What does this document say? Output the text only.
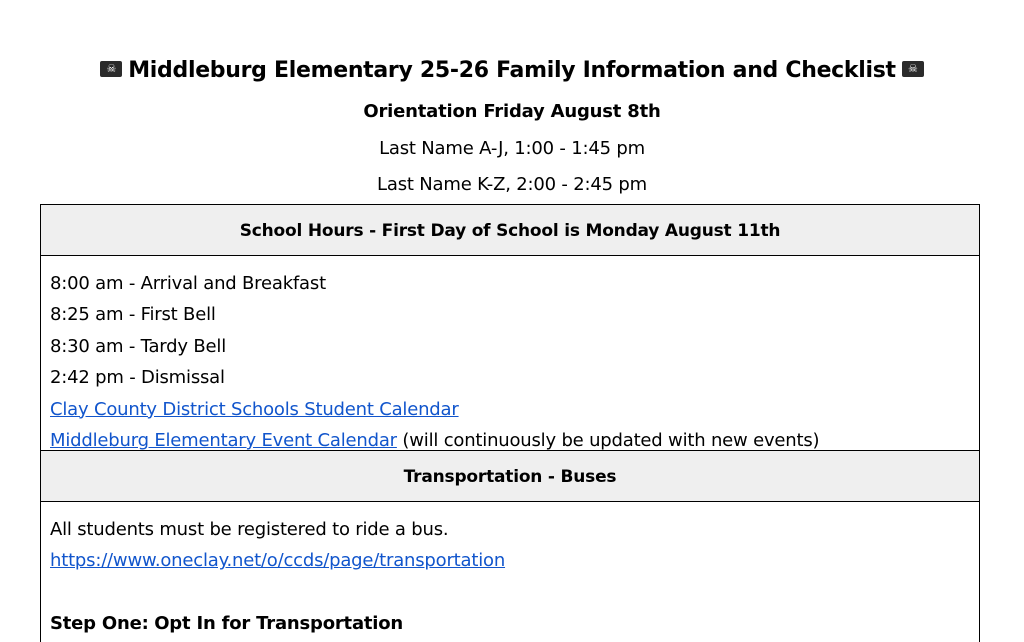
☠ Middleburg Elementary 25-26 Family Information and Checklist ☠
Orientation Friday August 8th
Last Name A-J, 1:00 - 1:45 pm
Last Name K-Z, 2:00 - 2:45 pm
School Hours - First Day of School is Monday August 11th
8:00 am - Arrival and Breakfast
8:25 am - First Bell
8:30 am - Tardy Bell
2:42 pm - Dismissal
Clay County District Schools Student Calendar
Middleburg Elementary Event Calendar (will continuously be updated with new events)
Transportation - Buses
All students must be registered to ride a bus.
https://www.oneclay.net/o/ccds/page/transportation
Step One: Opt In for Transportation
